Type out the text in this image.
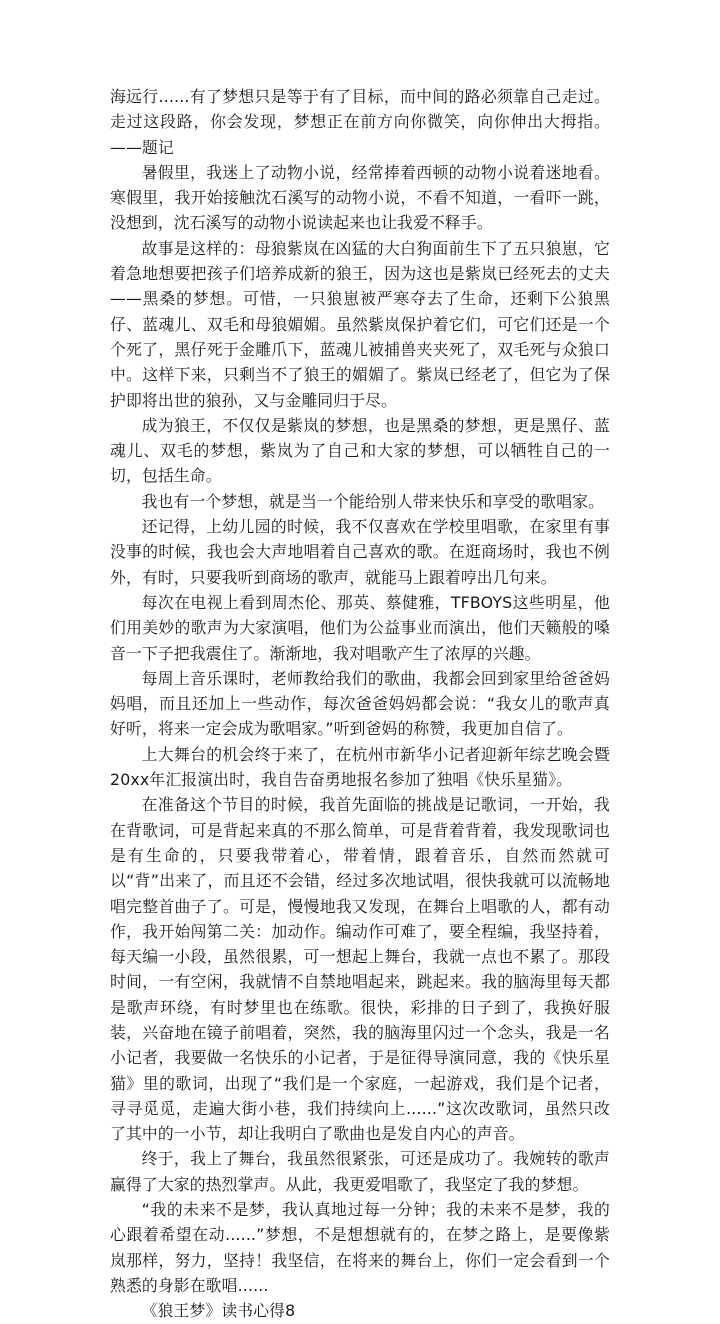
海远行......有了梦想只是等于有了目标，而中间的路必须靠自己走过。走过这段路，你会发现，梦想正在前方向你微笑，向你伸出大拇指。——题记

暑假里，我迷上了动物小说，经常捧着西顿的动物小说着迷地看。寒假里，我开始接触沈石溪写的动物小说，不看不知道，一看吓一跳，没想到，沈石溪写的动物小说读起来也让我爱不释手。

故事是这样的：母狼紫岚在凶猛的大白狗面前生下了五只狼崽，它着急地想要把孩子们培养成新的狼王，因为这也是紫岚已经死去的丈夫——黑桑的梦想。可惜，一只狼崽被严寒夺去了生命，还剩下公狼黑仔、蓝魂儿、双毛和母狼媚媚。虽然紫岚保护着它们，可它们还是一个个死了，黑仔死于金雕爪下，蓝魂儿被捕兽夹夹死了，双毛死与众狼口中。这样下来，只剩当不了狼王的媚媚了。紫岚已经老了，但它为了保护即将出世的狼孙，又与金雕同归于尽。

成为狼王，不仅仅是紫岚的梦想，也是黑桑的梦想，更是黑仔、蓝魂儿、双毛的梦想，紫岚为了自己和大家的梦想，可以牺牲自己的一切，包括生命。

我也有一个梦想，就是当一个能给别人带来快乐和享受的歌唱家。

还记得，上幼儿园的时候，我不仅喜欢在学校里唱歌，在家里有事没事的时候，我也会大声地唱着自己喜欢的歌。在逛商场时，我也不例外，有时，只要我听到商场的歌声，就能马上跟着哼出几句来。

每次在电视上看到周杰伦、那英、蔡健雅，TFBOYS这些明星，他们用美妙的歌声为大家演唱，他们为公益事业而演出，他们天籁般的嗓音一下子把我震住了。渐渐地，我对唱歌产生了浓厚的兴趣。

每周上音乐课时，老师教给我们的歌曲，我都会回到家里给爸爸妈妈唱，而且还加上一些动作，每次爸爸妈妈都会说：“我女儿的歌声真好听，将来一定会成为歌唱家。”听到爸妈的称赞，我更加自信了。

上大舞台的机会终于来了，在杭州市新华小记者迎新年综艺晚会暨20xx年汇报演出时，我自告奋勇地报名参加了独唱《快乐星猫》。

在准备这个节目的时候，我首先面临的挑战是记歌词，一开始，我在背歌词，可是背起来真的不那么简单，可是背着背着，我发现歌词也是有生命的，只要我带着心，带着情，跟着音乐，自然而然就可以“背”出来了，而且还不会错，经过多次地试唱，很快我就可以流畅地唱完整首曲子了。可是，慢慢地我又发现，在舞台上唱歌的人，都有动作，我开始闯第二关：加动作。编动作可难了，要全程编，我坚持着，每天编一小段，虽然很累，可一想起上舞台，我就一点也不累了。那段时间，一有空闲，我就情不自禁地唱起来，跳起来。我的脑海里每天都是歌声环绕，有时梦里也在练歌。很快，彩排的日子到了，我换好服装，兴奋地在镜子前唱着，突然，我的脑海里闪过一个念头，我是一名小记者，我要做一名快乐的小记者，于是征得导演同意，我的《快乐星猫》里的歌词，出现了“我们是一个家庭，一起游戏，我们是个记者，寻寻觅觅，走遍大街小巷，我们持续向上......”这次改歌词，虽然只改了其中的一小节，却让我明白了歌曲也是发自内心的声音。

终于，我上了舞台，我虽然很紧张，可还是成功了。我婉转的歌声赢得了大家的热烈掌声。从此，我更爱唱歌了，我坚定了我的梦想。

“我的未来不是梦，我认真地过每一分钟；我的未来不是梦，我的心跟着希望在动......”梦想，不是想想就有的，在梦之路上，是要像紫岚那样，努力，坚持！我坚信，在将来的舞台上，你们一定会看到一个熟悉的身影在歌唱......

《狼王梦》读书心得8
